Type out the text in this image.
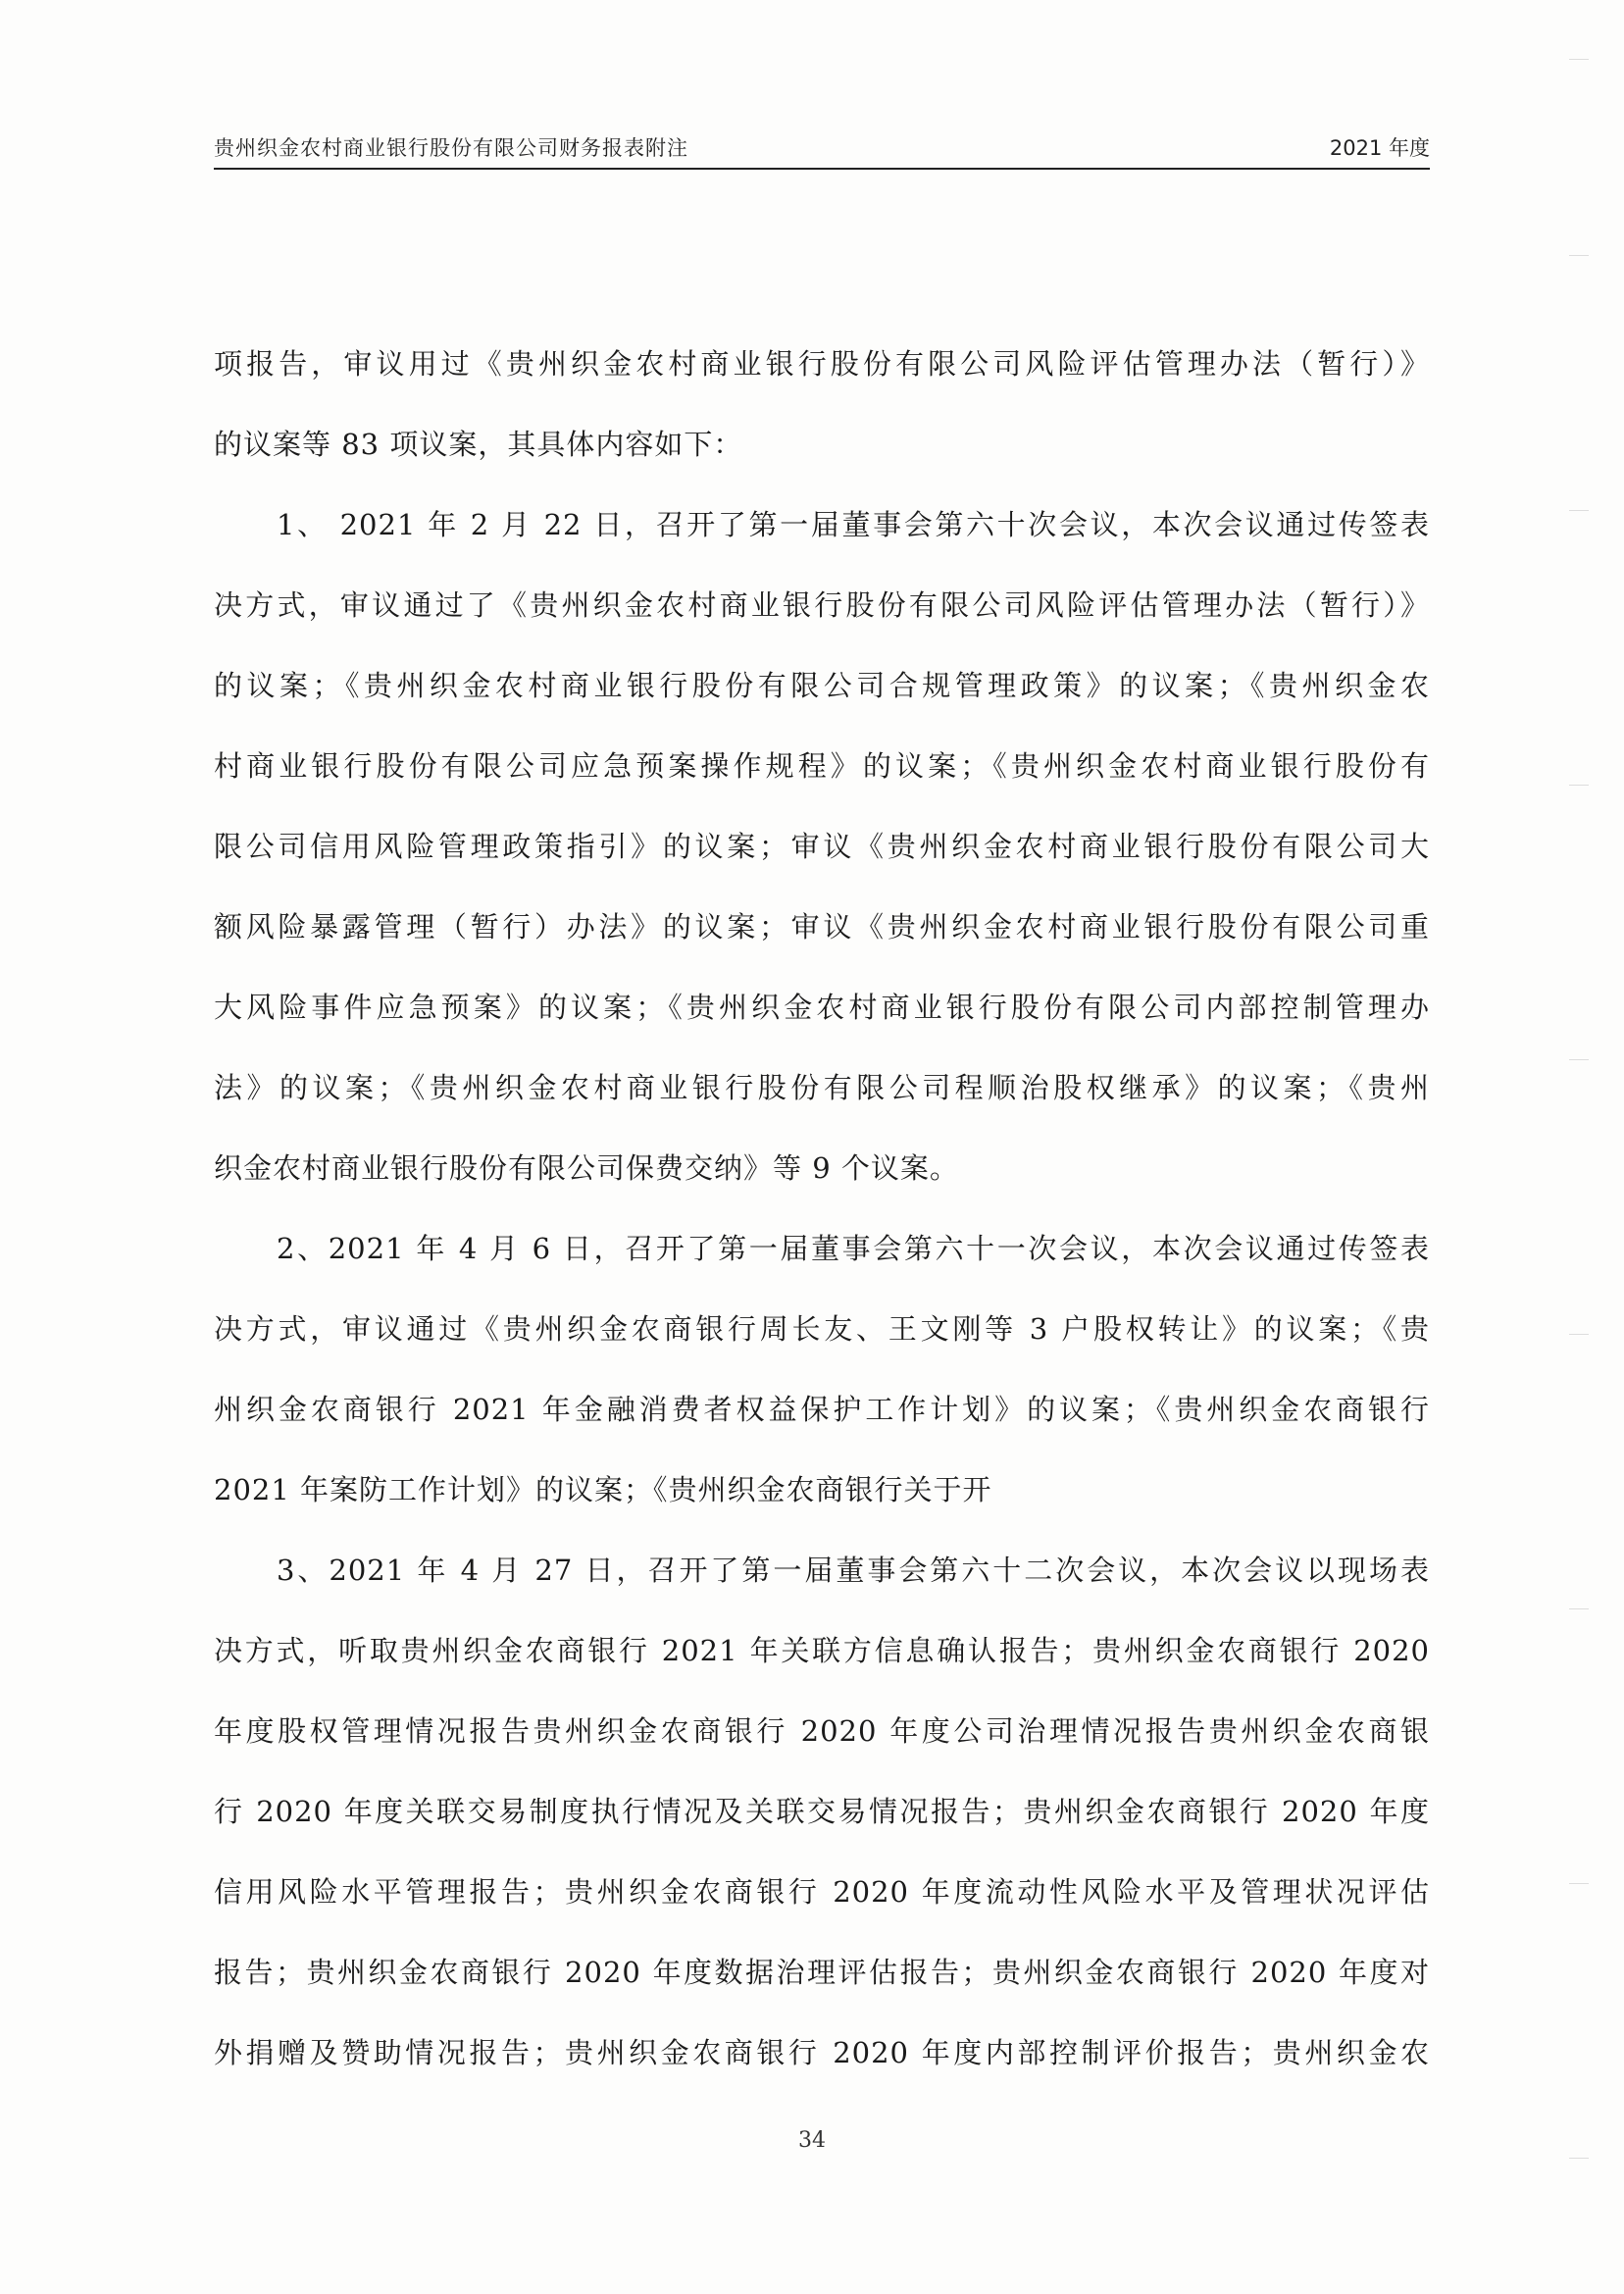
贵州织金农村商业银行股份有限公司财务报表附注	2021 年度
项报告，审议用过《贵州织金农村商业银行股份有限公司风险评估管理办法（暂行）》
的议案等 83 项议案，其具体内容如下：
1、 2021 年 2 月 22 日，召开了第一届董事会第六十次会议，本次会议通过传签表
决方式，审议通过了《贵州织金农村商业银行股份有限公司风险评估管理办法（暂行）》
的议案；《贵州织金农村商业银行股份有限公司合规管理政策》的议案；《贵州织金农
村商业银行股份有限公司应急预案操作规程》的议案；《贵州织金农村商业银行股份有
限公司信用风险管理政策指引》的议案；审议《贵州织金农村商业银行股份有限公司大
额风险暴露管理（暂行）办法》的议案；审议《贵州织金农村商业银行股份有限公司重
大风险事件应急预案》的议案；《贵州织金农村商业银行股份有限公司内部控制管理办
法》的议案；《贵州织金农村商业银行股份有限公司程顺治股权继承》的议案；《贵州
织金农村商业银行股份有限公司保费交纳》等 9 个议案。
2、2021 年 4 月 6 日，召开了第一届董事会第六十一次会议，本次会议通过传签表
决方式，审议通过《贵州织金农商银行周长友、王文刚等 3 户股权转让》的议案；《贵
州织金农商银行 2021 年金融消费者权益保护工作计划》的议案；《贵州织金农商银行
2021 年案防工作计划》的议案；《贵州织金农商银行关于开
3、2021 年 4 月 27 日，召开了第一届董事会第六十二次会议，本次会议以现场表
决方式，听取贵州织金农商银行 2021 年关联方信息确认报告；贵州织金农商银行 2020
年度股权管理情况报告贵州织金农商银行 2020 年度公司治理情况报告贵州织金农商银
行 2020 年度关联交易制度执行情况及关联交易情况报告；贵州织金农商银行 2020 年度
信用风险水平管理报告；贵州织金农商银行 2020 年度流动性风险水平及管理状况评估
报告；贵州织金农商银行 2020 年度数据治理评估报告；贵州织金农商银行 2020 年度对
外捐赠及赞助情况报告；贵州织金农商银行 2020 年度内部控制评价报告；贵州织金农
34
